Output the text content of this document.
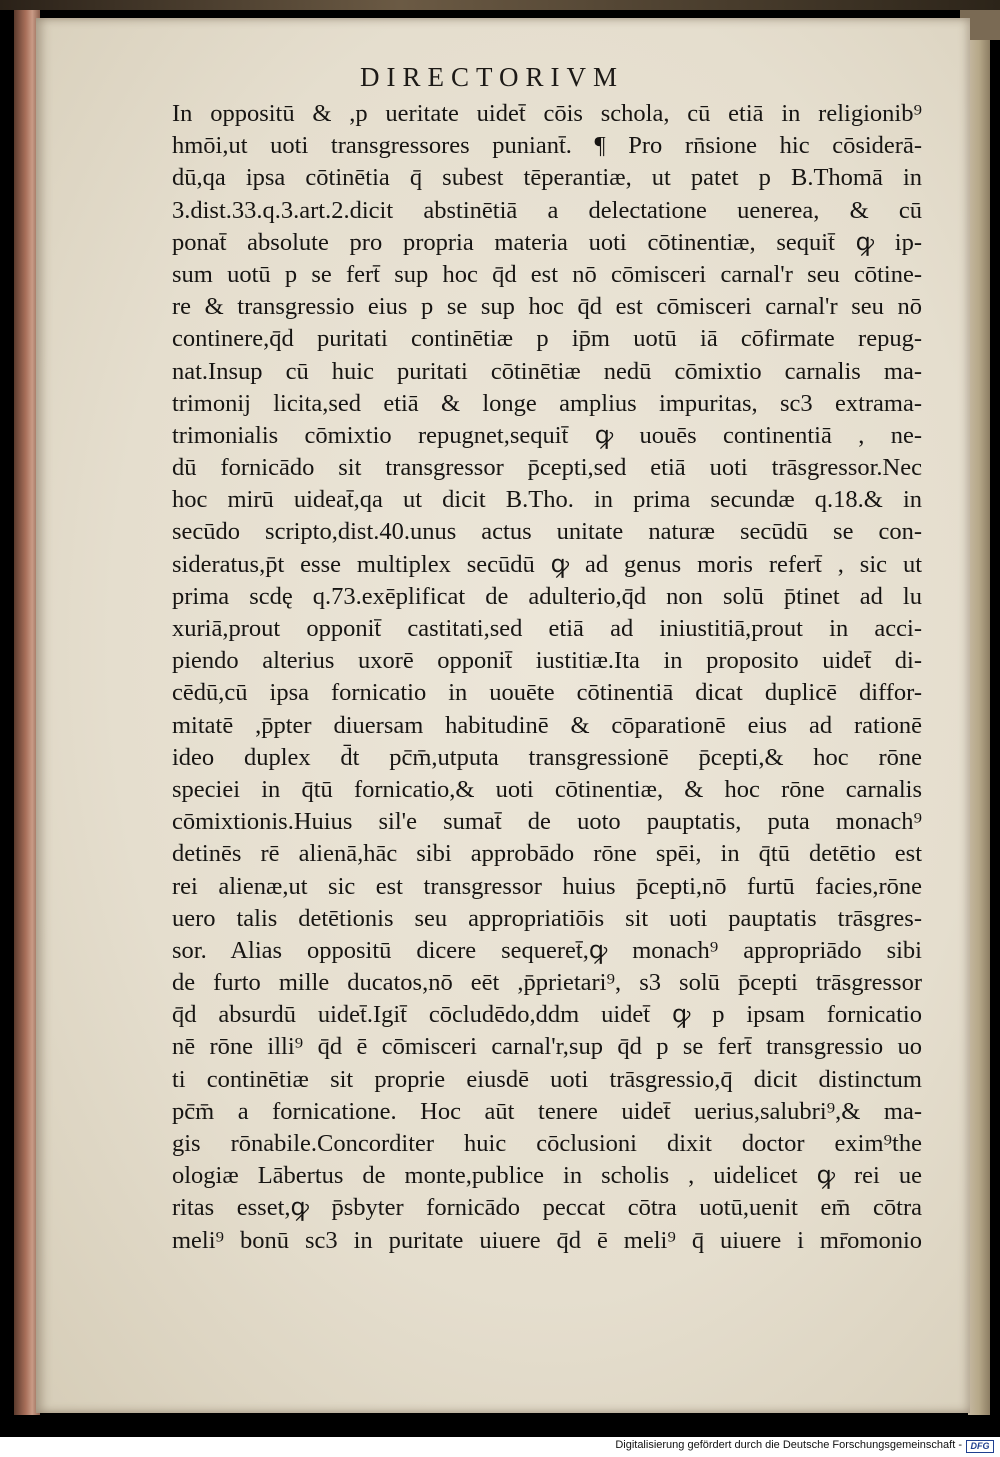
DIRECTORIVM
In oppositū & ,p ueritate uidet̄ cōis schola, cū etiā in religionib⁹
hmōi,ut uoti transgressores puniant̄. ¶ Pro rn̄sione hic cōsiderā-
dū,qa ipsa cōtinētia q̄ subest tēperantiæ, ut patet p B.Thomā in
3.dist.33.q.3.art.2.dicit abstinētiā a delectatione uenerea, & cū
ponat̄ absolute pro propria materia uoti cōtinentiæ, sequit̄ ꝙ ip-
sum uotū p se fert̄ sup hoc q̄d est nō cōmisceri carnal'r seu cōtine-
re & transgressio eius p se sup hoc q̄d est cōmisceri carnal'r seu nō
continere,q̄d puritati continētiæ p ip̄m uotū iā cōfirmate repug-
nat.Insup cū huic puritati cōtinētiæ nedū cōmixtio carnalis ma-
trimonij licita,sed etiā & longe amplius impuritas, sc3 extrama-
trimonialis cōmixtio repugnet,sequit̄ ꝙ uouēs continentiā , ne-
dū fornicādo sit transgressor p̄cepti,sed etiā uoti trāsgressor.Nec
hoc mirū uideat̄,qa ut dicit B.Tho. in prima secundæ q.18.& in
secūdo scripto,dist.40.unus actus unitate naturæ secūdū se con-
sideratus,p̄t esse multiplex secūdū ꝙ ad genus moris refert̄ , sic ut
prima scdę q.73.exēplificat de adulterio,q̄d non solū p̄tinet ad lu
xuriā,prout opponit̄ castitati,sed etiā ad iniustitiā,prout in acci-
piendo alterius uxorē opponit̄ iustitiæ.Ita in proposito uidet̄ di-
cēdū,cū ipsa fornicatio in uouēte cōtinentiā dicat duplicē diffor-
mitatē ,p̄pter diuersam habitudinē & cōparationē eius ad rationē
ideo duplex d̄t pc̄m̄,utputa transgressionē p̄cepti,& hoc rōne
speciei in q̄tū fornicatio,& uoti cōtinentiæ, & hoc rōne carnalis
cōmixtionis.Huius sil'e sumat̄ de uoto pauptatis, puta monach⁹
detinēs rē alienā,hāc sibi approbādo rōne spēi, in q̄tū detētio est
rei alienæ,ut sic est transgressor huius p̄cepti,nō furtū facies,rōne
uero talis detētionis seu appropriatiōis sit uoti pauptatis trāsgres-
sor. Alias oppositū dicere sequeret̄,ꝙ monach⁹ appropriādo sibi
de furto mille ducatos,nō eēt ,p̄prietari⁹, s3 solū p̄cepti trāsgressor
q̄d absurdū uidet̄.Igit̄ cōcludēdo,ddm uidet̄ ꝙ p ipsam fornicatio
nē rōne illi⁹ q̄d ē cōmisceri carnal'r,sup q̄d p se fert̄ transgressio uo
ti continētiæ sit proprie eiusdē uoti trāsgressio,q̄ dicit distinctum
pc̄m̄ a fornicatione. Hoc aūt tenere uidet̄ uerius,salubri⁹,& ma-
gis rōnabile.Concorditer huic cōclusioni dixit doctor exim⁹the
ologiæ Lābertus de monte,publice in scholis , uidelicet ꝙ rei ue
ritas esset,ꝙ p̄sbyter fornicādo peccat cōtra uotū,uenit em̄ cōtra
meli⁹ bonū sc3 in puritate uiuere q̄d ē meli⁹ q̄ uiuere i mr̄omonio
Digitalisierung gefördert durch die Deutsche Forschungsgemeinschaft - DFG
